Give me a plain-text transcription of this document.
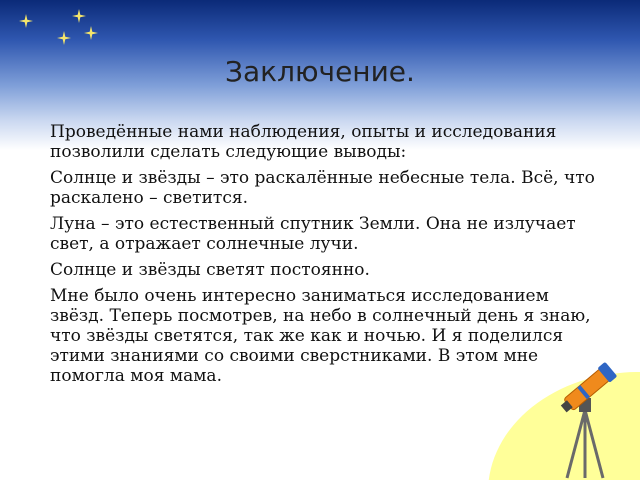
Заключение.

Проведённые нами наблюдения, опыты и исследования позволили сделать следующие выводы:

Солнце и звёзды – это раскалённые небесные тела. Всё, что раскалено – светится.

Луна – это естественный спутник Земли. Она не излучает свет, а отражает солнечные лучи.

Солнце и звёзды светят постоянно.

Мне было очень интересно заниматься исследованием звёзд. Теперь посмотрев, на небо в солнечный день я знаю, что звёзды светятся, так же как и ночью. И я поделился этими знаниями со своими сверстниками. В этом мне помогла моя мама.
